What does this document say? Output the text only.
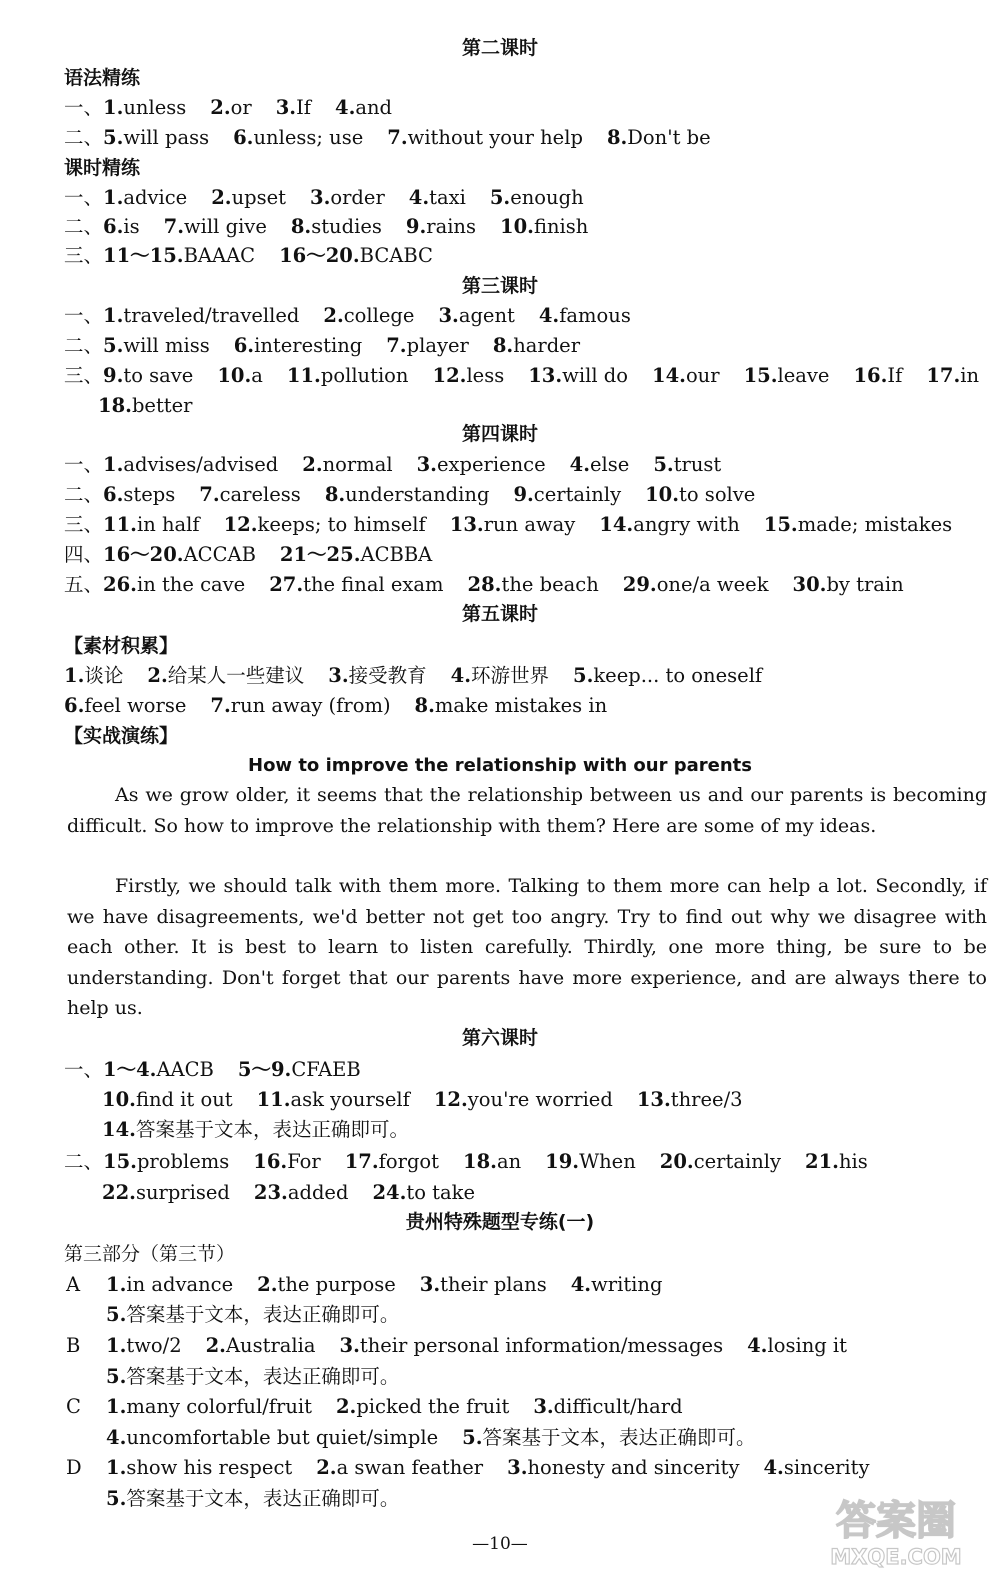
第二课时
语法精练
一、1.unless 2.or 3.If 4.and
二、5.will pass 6.unless; use 7.without your help 8.Don't be
课时精练
一、1.advice 2.upset 3.order 4.taxi 5.enough
二、6.is 7.will give 8.studies 9.rains 10.finish
三、11～15.BAAAC 16～20.BCABC
第三课时
一、1.traveled/travelled 2.college 3.agent 4.famous
二、5.will miss 6.interesting 7.player 8.harder
三、9.to save 10.a 11.pollution 12.less 13.will do 14.our 15.leave 16.If 17.in
18.better
第四课时
一、1.advises/advised 2.normal 3.experience 4.else 5.trust
二、6.steps 7.careless 8.understanding 9.certainly 10.to solve
三、11.in half 12.keeps; to himself 13.run away 14.angry with 15.made; mistakes
四、16～20.ACCAB 21～25.ACBBA
五、26.in the cave 27.the final exam 28.the beach 29.one/a week 30.by train
第五课时
【素材积累】
1.谈论 2.给某人一些建议 3.接受教育 4.环游世界 5.keep... to oneself
6.feel worse 7.run away (from) 8.make mistakes in
【实战演练】
How to improve the relationship with our parents

As we grow older, it seems that the relationship between us and our parents is becoming difficult. So how to improve the relationship with them? Here are some of my ideas.

Firstly, we should talk with them more. Talking to them more can help a lot. Secondly, if we have disagreements, we'd better not get too angry. Try to find out why we disagree with each other. It is best to learn to listen carefully. Thirdly, one more thing, be sure to be understanding. Don't forget that our parents have more experience, and are always there to help us.

第六课时
一、1～4.AACB 5～9.CFAEB
10.find it out 11.ask yourself 12.you're worried 13.three/3
14.答案基于文本，表达正确即可。
二、15.problems 16.For 17.forgot 18.an 19.When 20.certainly 21.his
22.surprised 23.added 24.to take
贵州特殊题型专练(一)
第三部分（第三节）
A 1.in advance 2.the purpose 3.their plans 4.writing
5.答案基于文本，表达正确即可。
B 1.two/2 2.Australia 3.their personal information/messages 4.losing it
5.答案基于文本，表达正确即可。
C 1.many colorful/fruit 2.picked the fruit 3.difficult/hard
4.uncomfortable but quiet/simple 5.答案基于文本，表达正确即可。
D 1.show his respect 2.a swan feather 3.honesty and sincerity 4.sincerity
5.答案基于文本，表达正确即可。
—10—	答案圈
MXQE.COM
